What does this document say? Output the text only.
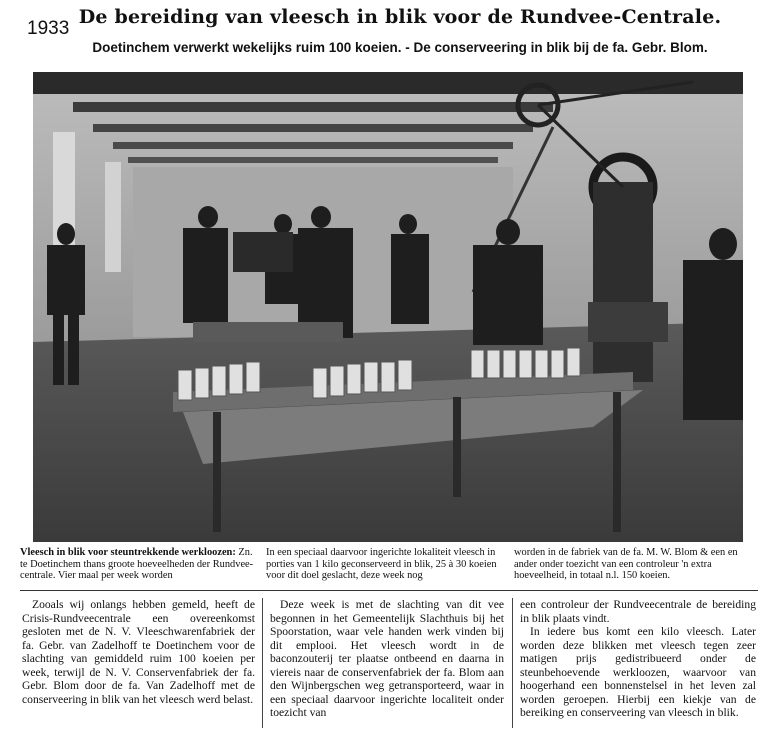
1933
De bereiding van vleesch in blik voor de Rundvee-Centrale.
Doetinchem verwerkt wekelijks ruim 100 koeien. - De conserveering in blik bij de fa. Gebr. Blom.
Vleesch in blik voor steuntrekkende werkloozen: Zn. te Doetinchem thans groote hoeveelheden der Rundvee-centrale. Vier maal per week worden
In een speciaal daarvoor ingerichte lokaliteit vleesch in porties van 1 kilo geconserveerd in blik, 25 à 30 koeien voor dit doel geslacht, deze week nog
worden in de fabriek van de fa. M. W. Blom & een en ander onder toezicht van een controleur 'n extra hoeveelheid, in totaal n.l. 150 koeien.

Zooals wij onlangs hebben gemeld, heeft de Crisis-Rundveecentrale een overeenkomst gesloten met de N. V. Vleeschwarenfabriek der fa. Gebr. van Zadelhoff te Doetinchem voor de slachting van gemiddeld ruim 100 koeien per week, terwijl de N. V. Conservenfabriek der fa. Gebr. Blom door de fa. Van Zadelhoff met de conserveering in blik van het vleesch werd belast.

Deze week is met de slachting van dit vee begonnen in het Gemeentelijk Slachthuis bij het Spoorstation, waar vele handen werk vinden bij dit emplooi. Het vleesch wordt in de baconzouterij ter plaatse ontbeend en daarna in viereis naar de conservenfabriek der fa. Blom aan den Wijnbergschen weg getransporteerd, waar in een speciaal daarvoor ingerichte localiteit onder toezicht van

een controleur der Rundveecentrale de bereiding in blik plaats vindt.

In iedere bus komt een kilo vleesch. Later worden deze blikken met vleesch tegen zeer matigen prijs gedistribueerd onder de steunbehoevende werkloozen, waarvoor van hoogerhand een bonnenstelsel in het leven zal worden geroepen. Hierbij een kiekje van de bereiking en conserveering van vleesch in blik.
